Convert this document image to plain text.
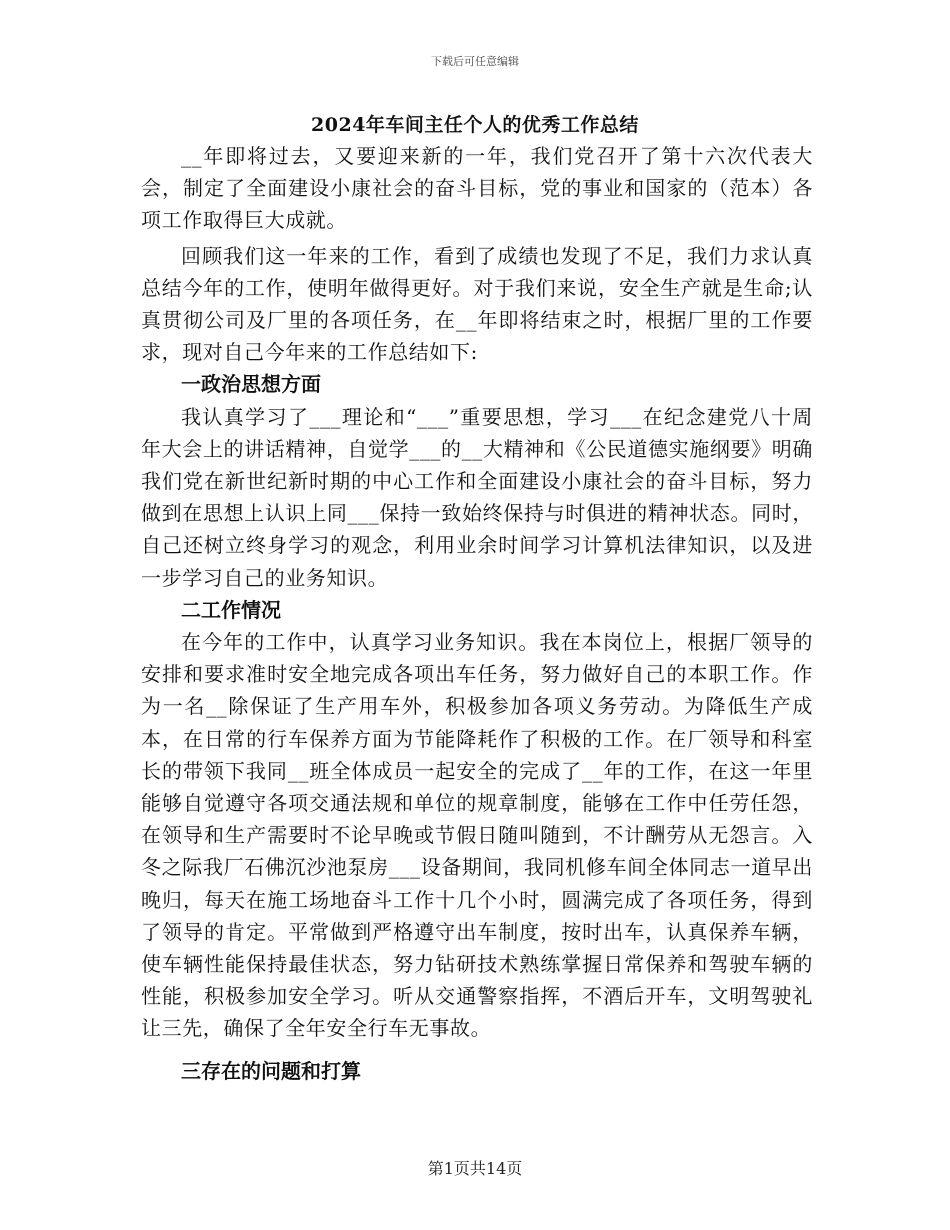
下载后可任意编辑
2024年车间主任个人的优秀工作总结

__年即将过去，又要迎来新的一年，我们党召开了第十六次代表大会，制定了全面建设小康社会的奋斗目标，党的事业和国家的（范本）各项工作取得巨大成就。

回顾我们这一年来的工作，看到了成绩也发现了不足，我们力求认真总结今年的工作，使明年做得更好。对于我们来说，安全生产就是生命;认真贯彻公司及厂里的各项任务，在__年即将结束之时，根据厂里的工作要求，现对自己今年来的工作总结如下:

一政治思想方面

我认真学习了___理论和“___”重要思想，学习___在纪念建党八十周年大会上的讲话精神，自觉学___的__大精神和《公民道德实施纲要》明确我们党在新世纪新时期的中心工作和全面建设小康社会的奋斗目标，努力做到在思想上认识上同___保持一致始终保持与时俱进的精神状态。同时，自己还树立终身学习的观念，利用业余时间学习计算机法律知识，以及进一步学习自己的业务知识。

二工作情况

在今年的工作中，认真学习业务知识。我在本岗位上，根据厂领导的安排和要求准时安全地完成各项出车任务，努力做好自己的本职工作。作为一名__除保证了生产用车外，积极参加各项义务劳动。为降低生产成本，在日常的行车保养方面为节能降耗作了积极的工作。在厂领导和科室长的带领下我同__班全体成员一起安全的完成了__年的工作，在这一年里能够自觉遵守各项交通法规和单位的规章制度，能够在工作中任劳任怨，在领导和生产需要时不论早晚或节假日随叫随到，不计酬劳从无怨言。入冬之际我厂石佛沉沙池泵房___设备期间，我同机修车间全体同志一道早出晚归，每天在施工场地奋斗工作十几个小时，圆满完成了各项任务，得到了领导的肯定。平常做到严格遵守出车制度，按时出车，认真保养车辆，使车辆性能保持最佳状态，努力钻研技术熟练掌握日常保养和驾驶车辆的性能，积极参加安全学习。听从交通警察指挥，不酒后开车，文明驾驶礼让三先，确保了全年安全行车无事故。

三存在的问题和打算

第1页共14页
